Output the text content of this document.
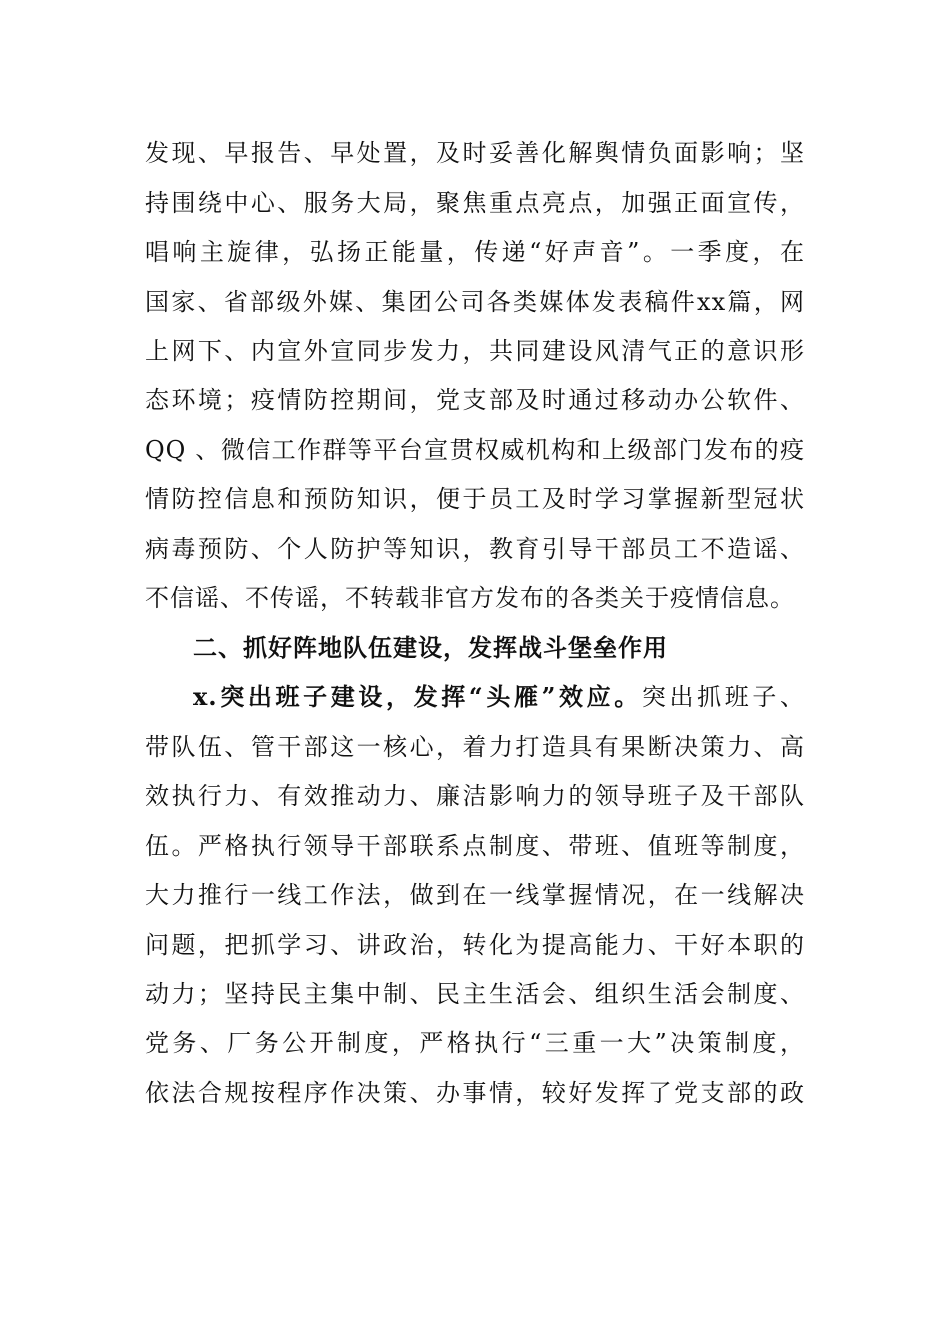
发现、早报告、早处置，及时妥善化解舆情负面影响；坚
持围绕中心、服务大局，聚焦重点亮点，加强正面宣传，
唱响主旋律，弘扬正能量，传递“好声音”。一季度，在
国家、省部级外媒、集团公司各类媒体发表稿件xx篇，网
上网下、内宣外宣同步发力，共同建设风清气正的意识形
态环境；疫情防控期间，党支部及时通过移动办公软件、
QQ 、微信工作群等平台宣贯权威机构和上级部门发布的疫
情防控信息和预防知识，便于员工及时学习掌握新型冠状
病毒预防、个人防护等知识，教育引导干部员工不造谣、
不信谣、不传谣，不转载非官方发布的各类关于疫情信息。
二、抓好阵地队伍建设，发挥战斗堡垒作用
x.突出班子建设，发挥“头雁”效应。突出抓班子、
带队伍、管干部这一核心，着力打造具有果断决策力、高
效执行力、有效推动力、廉洁影响力的领导班子及干部队
伍。严格执行领导干部联系点制度、带班、值班等制度，
大力推行一线工作法，做到在一线掌握情况，在一线解决
问题，把抓学习、讲政治，转化为提高能力、干好本职的
动力；坚持民主集中制、民主生活会、组织生活会制度、
党务、厂务公开制度，严格执行“三重一大”决策制度，
依法合规按程序作决策、办事情，较好发挥了党支部的政
